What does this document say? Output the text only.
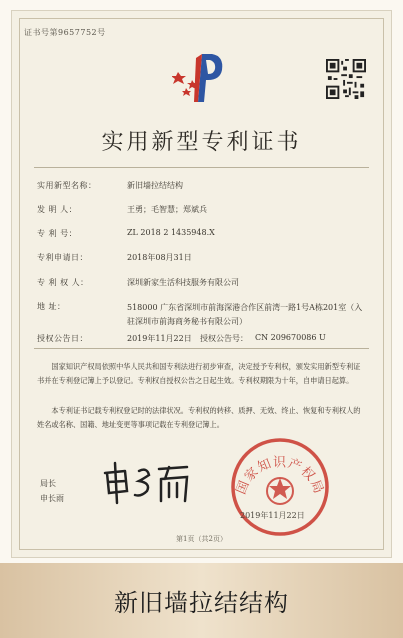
证书号第9657752号
实用新型专利证书
实用新型名称：	新旧墙拉结结构
发 明 人：	王勇；毛智慧；郑斌兵
专 利 号：	ZL 2018 2 1435948.X
专利申请日：	2018年08月31日
专 利 权 人：	深圳新家生活科技服务有限公司
地 址：	518000 广东省深圳市前海深港合作区前湾一路1号A栋201室（入驻深圳市前海商务秘书有限公司）
授权公告日：	2019年11月22日 授权公告号： CN 209670086 U
国家知识产权局依照中华人民共和国专利法进行初步审查，决定授予专利权，颁发实用新型专利证书并在专利登记簿上予以登记。专利权自授权公告之日起生效。专利权期限为十年，自申请日起算。
本专利证书记载专利权登记时的法律状况。专利权的转移、质押、无效、终止、恢复和专利权人的姓名或名称、国籍、地址变更等事项记载在专利登记簿上。
局长
申长雨
国家知识产权局
2019年11月22日
第1页（共2页）
新旧墙拉结结构
